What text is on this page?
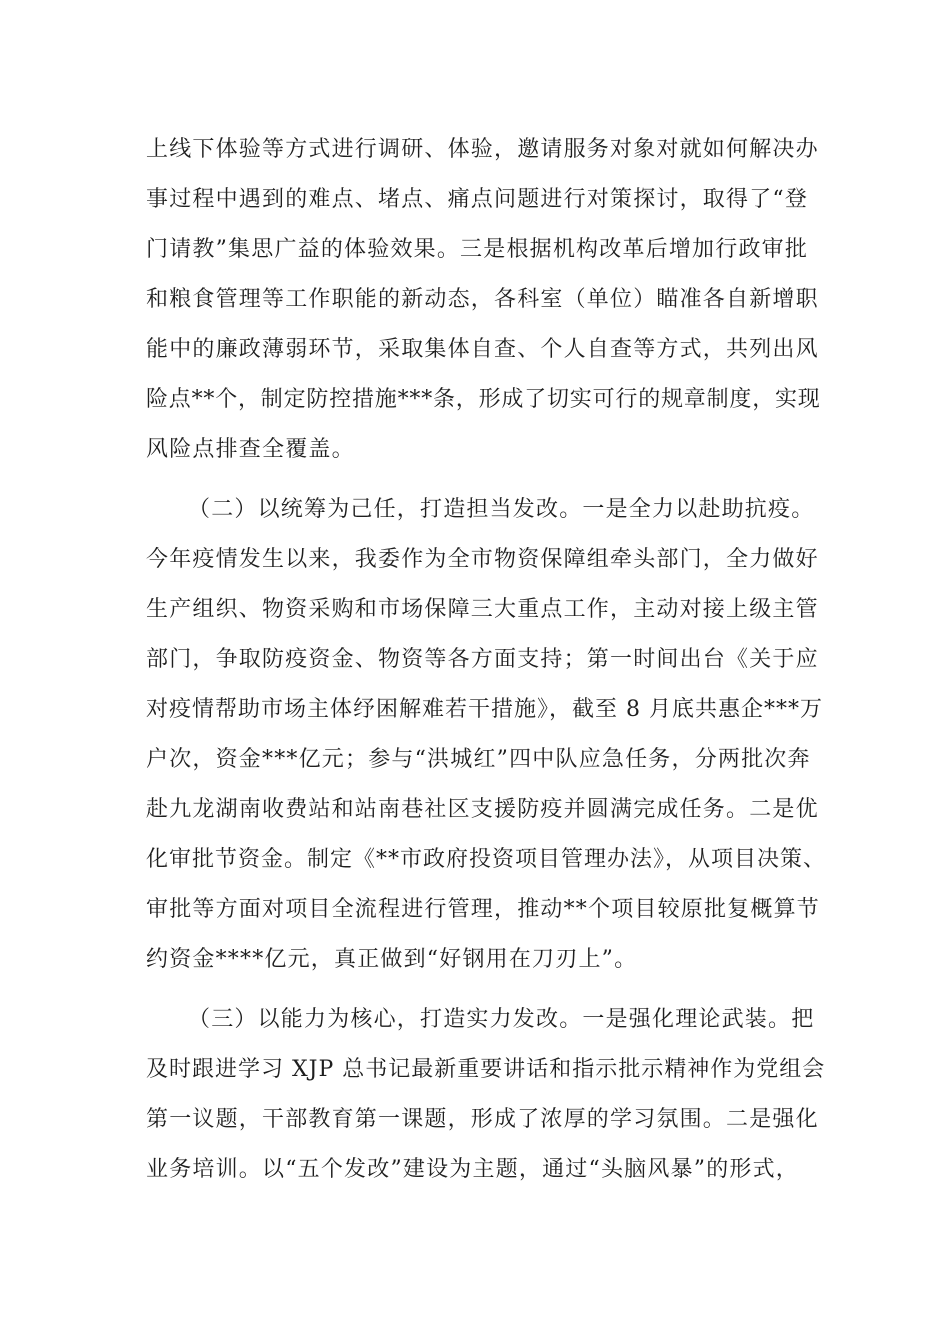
上线下体验等方式进行调研、体验，邀请服务对象对就如何解决办
事过程中遇到的难点、堵点、痛点问题进行对策探讨，取得了“登
门请教”集思广益的体验效果。三是根据机构改革后增加行政审批
和粮食管理等工作职能的新动态，各科室（单位）瞄准各自新增职
能中的廉政薄弱环节，采取集体自查、个人自查等方式，共列出风
险点**个，制定防控措施***条，形成了切实可行的规章制度，实现
风险点排查全覆盖。
（二）以统筹为己任，打造担当发改。一是全力以赴助抗疫。
今年疫情发生以来，我委作为全市物资保障组牵头部门，全力做好
生产组织、物资采购和市场保障三大重点工作，主动对接上级主管
部门，争取防疫资金、物资等各方面支持；第一时间出台《关于应
对疫情帮助市场主体纾困解难若干措施》，截至 8 月底共惠企***万
户次，资金***亿元；参与“洪城红”四中队应急任务，分两批次奔
赴九龙湖南收费站和站南巷社区支援防疫并圆满完成任务。二是优
化审批节资金。制定《**市政府投资项目管理办法》，从项目决策、
审批等方面对项目全流程进行管理，推动**个项目较原批复概算节
约资金****亿元，真正做到“好钢用在刀刃上”。
（三）以能力为核心，打造实力发改。一是强化理论武装。把
及时跟进学习 XJP 总书记最新重要讲话和指示批示精神作为党组会
第一议题，干部教育第一课题，形成了浓厚的学习氛围。二是强化
业务培训。以“五个发改”建设为主题，通过“头脑风暴”的形式，
